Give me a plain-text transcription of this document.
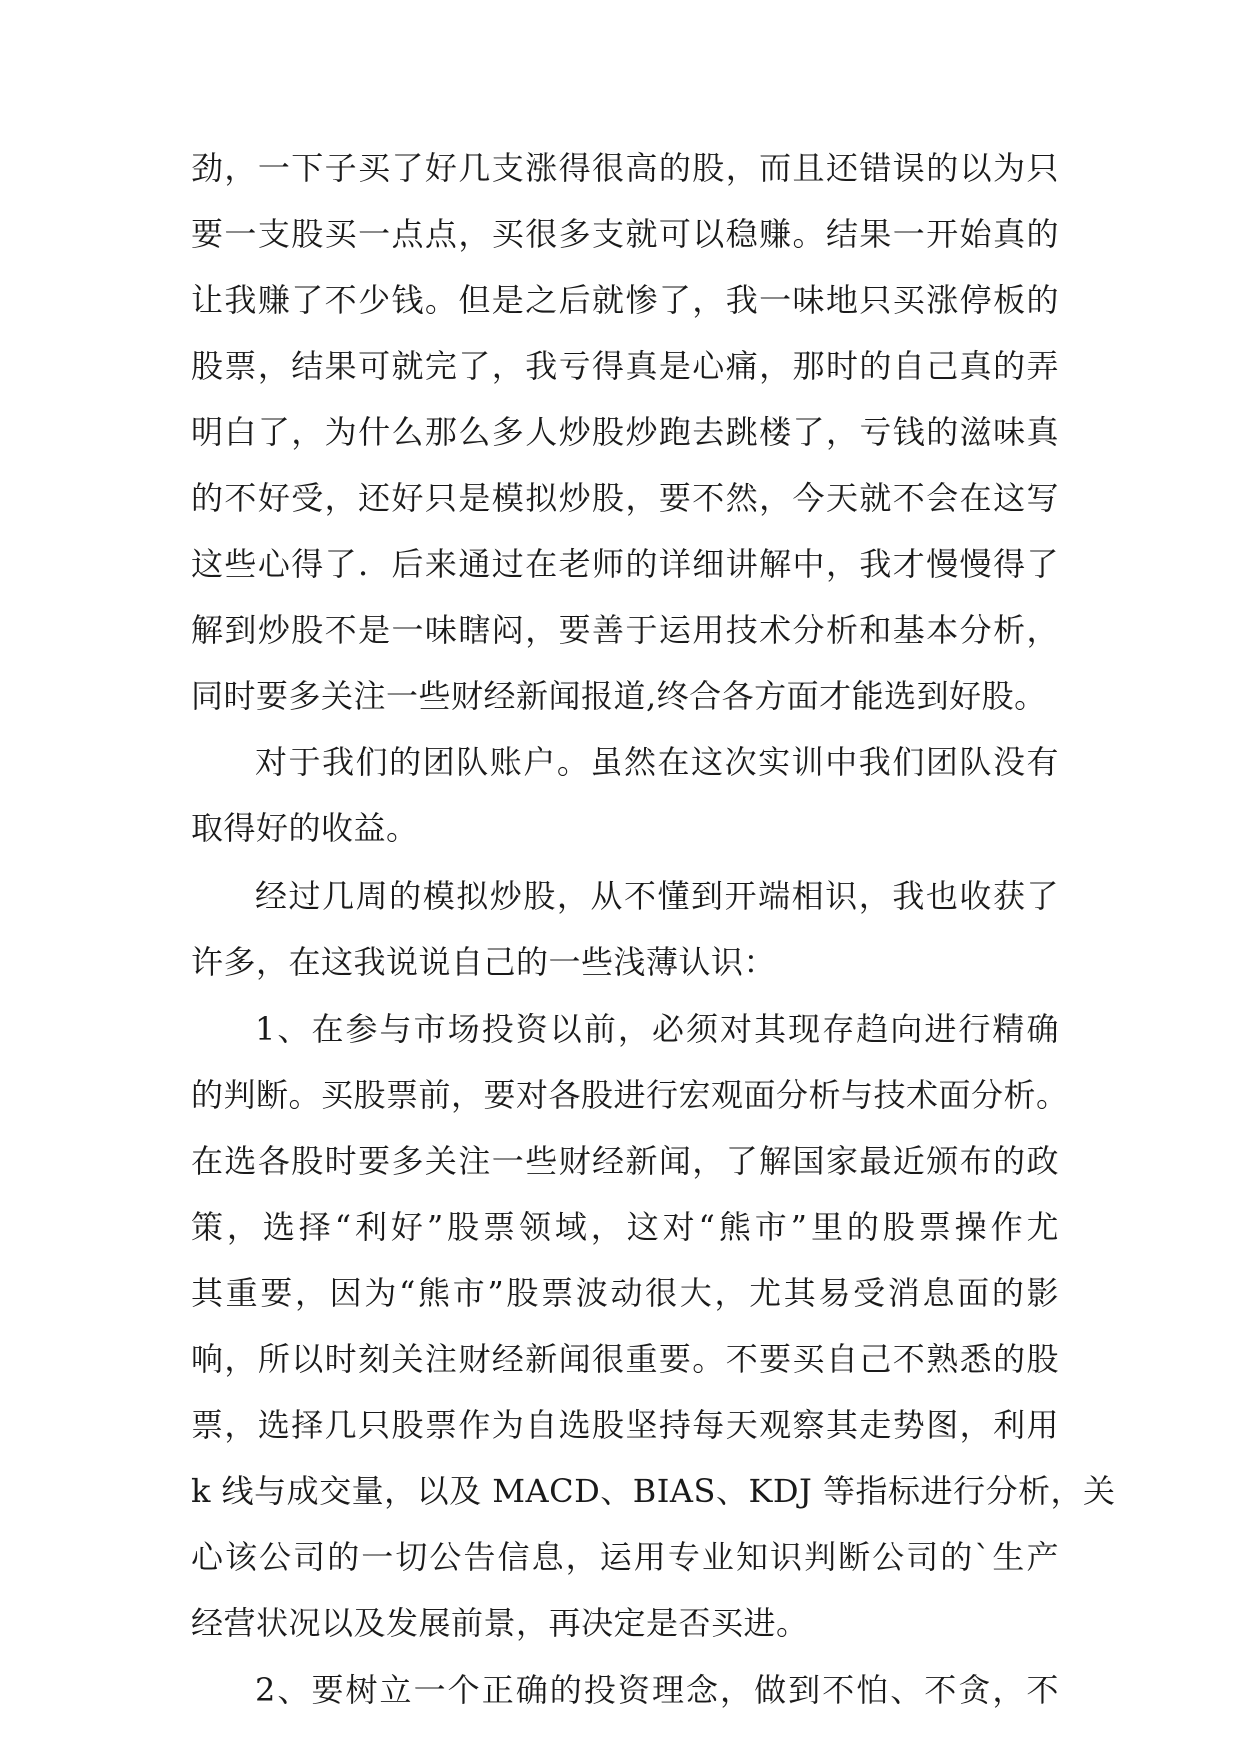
劲，一下子买了好几支涨得很高的股，而且还错误的以为只

要一支股买一点点，买很多支就可以稳赚。结果一开始真的

让我赚了不少钱。但是之后就惨了，我一味地只买涨停板的

股票，结果可就完了，我亏得真是心痛，那时的自己真的弄

明白了，为什么那么多人炒股炒跑去跳楼了，亏钱的滋味真

的不好受，还好只是模拟炒股，要不然，今天就不会在这写

这些心得了．后来通过在老师的详细讲解中，我才慢慢得了

解到炒股不是一味瞎闷，要善于运用技术分析和基本分析，

同时要多关注一些财经新闻报道,终合各方面才能选到好股。

对于我们的团队账户。虽然在这次实训中我们团队没有

取得好的收益。

经过几周的模拟炒股，从不懂到开端相识，我也收获了

许多，在这我说说自己的一些浅薄认识：

1、在参与市场投资以前，必须对其现存趋向进行精确

的判断。买股票前，要对各股进行宏观面分析与技术面分析。

在选各股时要多关注一些财经新闻，了解国家最近颁布的政

策，选择“利好”股票领域，这对“熊市”里的股票操作尤

其重要，因为“熊市”股票波动很大，尤其易受消息面的影

响，所以时刻关注财经新闻很重要。不要买自己不熟悉的股

票，选择几只股票作为自选股坚持每天观察其走势图，利用

k 线与成交量，以及 MACD、BIAS、KDJ 等指标进行分析，关

心该公司的一切公告信息，运用专业知识判断公司的`生产

经营状况以及发展前景，再决定是否买进。

2、要树立一个正确的投资理念，做到不怕、不贪，不
